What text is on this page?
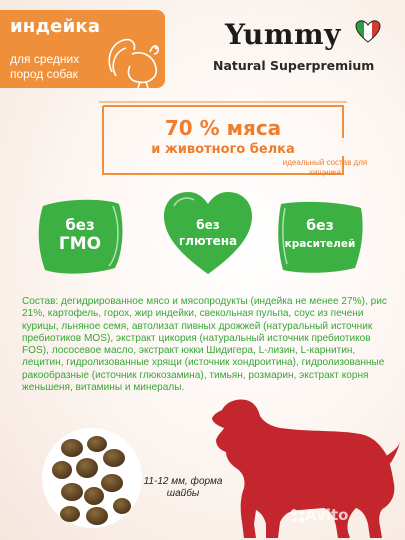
индейка
для средних пород собак
Yummy
Natural Superpremium
70 % мяса
и животного белка
идеальный состав для хищника
без
ГМО
без
глютена
без
красителей
Состав: дегидрированное мясо и мясопродукты (индейка не менее 27%), рис 21%, картофель, горох, жир индейки, свекольная пульпа, соус из печени курицы, льняное семя, автолизат пивных дрожжей (натуральный источник пребиотиков MOS), экстракт цикория (натуральный источник пребиотиков FOS), лососевое масло, экстракт юкки Шидигера, L-лизин, L-карнитин, лецитин, гидролизованные хрящи (источник хондроитина), гидролизованные ракообразные (источник глюкозамина), тимьян, розмарин, экстракт корня женьшеня, витамины и минералы.
11-12 мм, форма шайбы
Avito
